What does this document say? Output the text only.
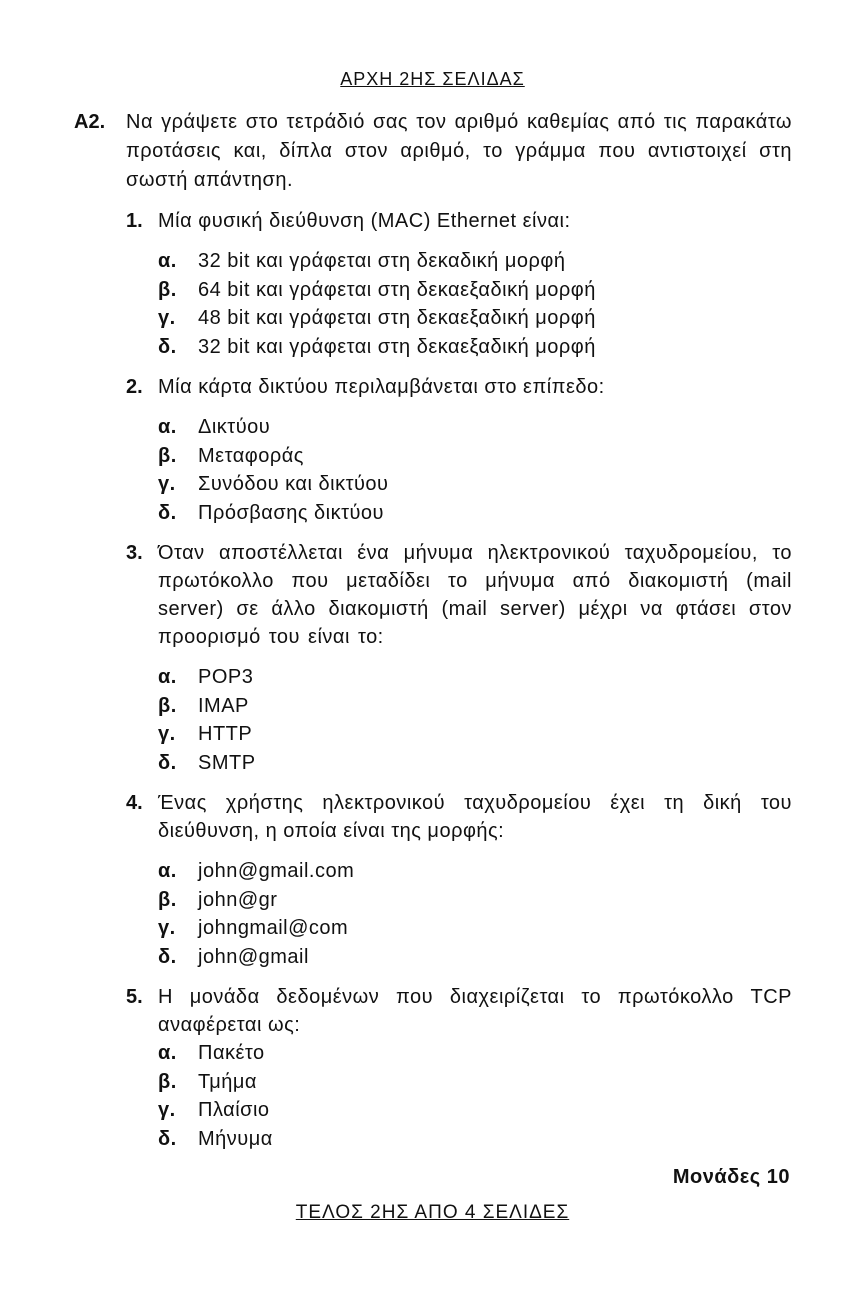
ΑΡΧΗ 2ΗΣ ΣΕΛΙΔΑΣ
Α2. Να γράψετε στο τετράδιό σας τον αριθμό καθεμίας από τις παρακάτω προτάσεις και, δίπλα στον αριθμό, το γράμμα που αντιστοιχεί στη σωστή απάντηση.
1. Μία φυσική διεύθυνση (MAC) Ethernet είναι:
α. 32 bit και γράφεται στη δεκαδική μορφή
β. 64 bit και γράφεται στη δεκαεξαδική μορφή
γ. 48 bit και γράφεται στη δεκαεξαδική μορφή
δ. 32 bit και γράφεται στη δεκαεξαδική μορφή
2. Μία κάρτα δικτύου περιλαμβάνεται στο επίπεδο:
α. Δικτύου
β. Μεταφοράς
γ. Συνόδου και δικτύου
δ. Πρόσβασης δικτύου
3. Όταν αποστέλλεται ένα μήνυμα ηλεκτρονικού ταχυδρομείου, το πρωτόκολλο που μεταδίδει το μήνυμα από διακομιστή (mail server) σε άλλο διακομιστή (mail server) μέχρι να φτάσει στον προορισμό του είναι το:
α. POP3
β. IMAP
γ. HTTP
δ. SMTP
4. Ένας χρήστης ηλεκτρονικού ταχυδρομείου έχει τη δική του διεύθυνση, η οποία είναι της μορφής:
α. john@gmail.com
β. john@gr
γ. johngmail@com
δ. john@gmail
5. Η μονάδα δεδομένων που διαχειρίζεται το πρωτόκολλο TCP αναφέρεται ως:
α. Πακέτο
β. Τμήμα
γ. Πλαίσιο
δ. Μήνυμα
Μονάδες 10
ΤΕΛΟΣ 2ΗΣ ΑΠΟ 4 ΣΕΛΙΔΕΣ
